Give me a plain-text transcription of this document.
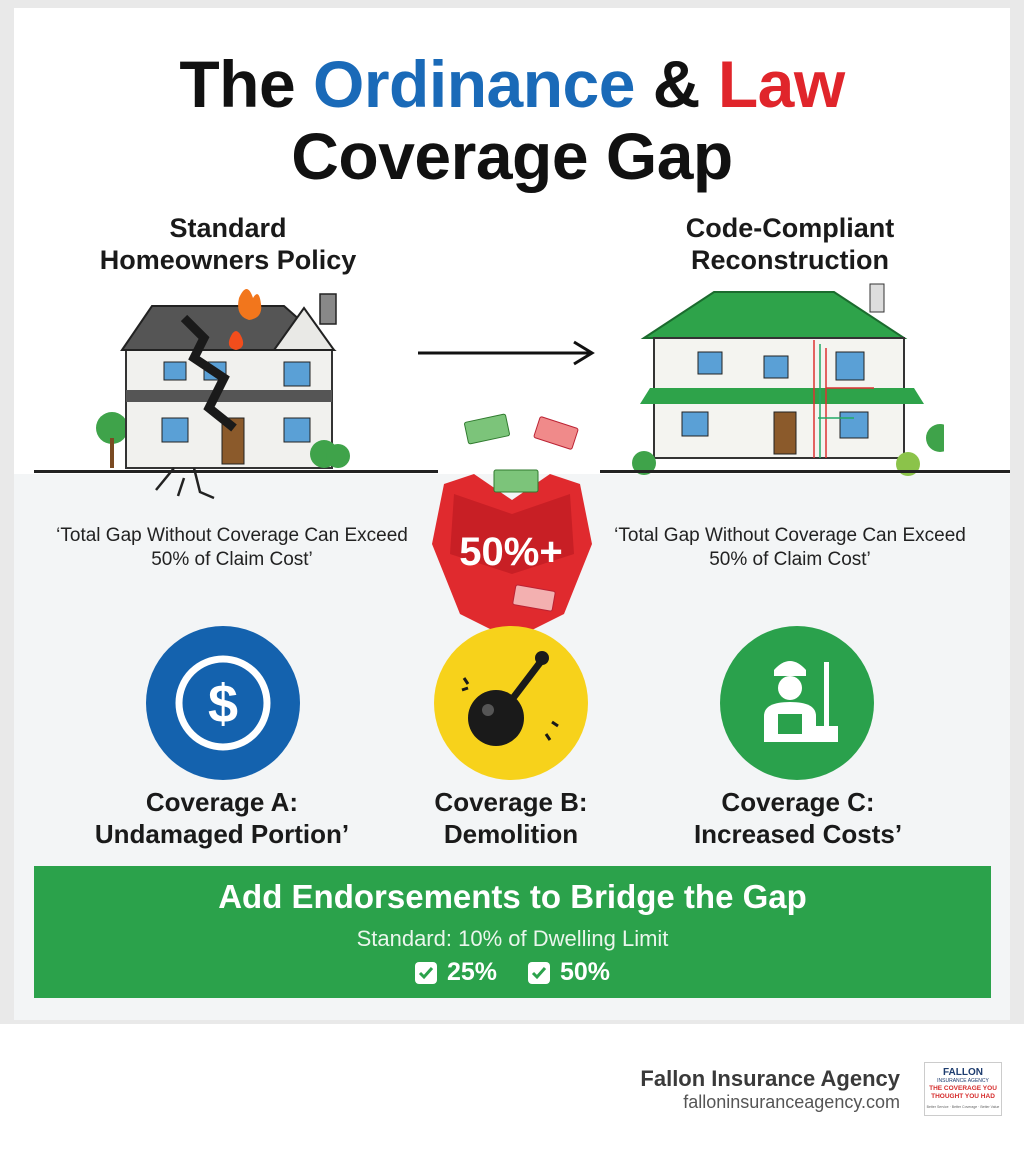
The Ordinance & Law
Coverage Gap
Standard
Homeowners Policy
Code-Compliant
Reconstruction
50%+
‘Total Gap Without Coverage Can Exceed 50% of Claim Cost’
‘Total Gap Without Coverage Can Exceed 50% of Claim Cost’
$
Coverage A:
Undamaged Portion’
Coverage B:
Demolition
Coverage C:
Increased Costs’
Add Endorsements to Bridge the Gap
Standard: 10% of Dwelling Limit
25%
	50%
Fallon Insurance Agency
falloninsuranceagency.com
FALLON
INSURANCE AGENCY
THE COVERAGE YOU THOUGHT YOU HAD
Better Service · Better Coverage · Better Value
